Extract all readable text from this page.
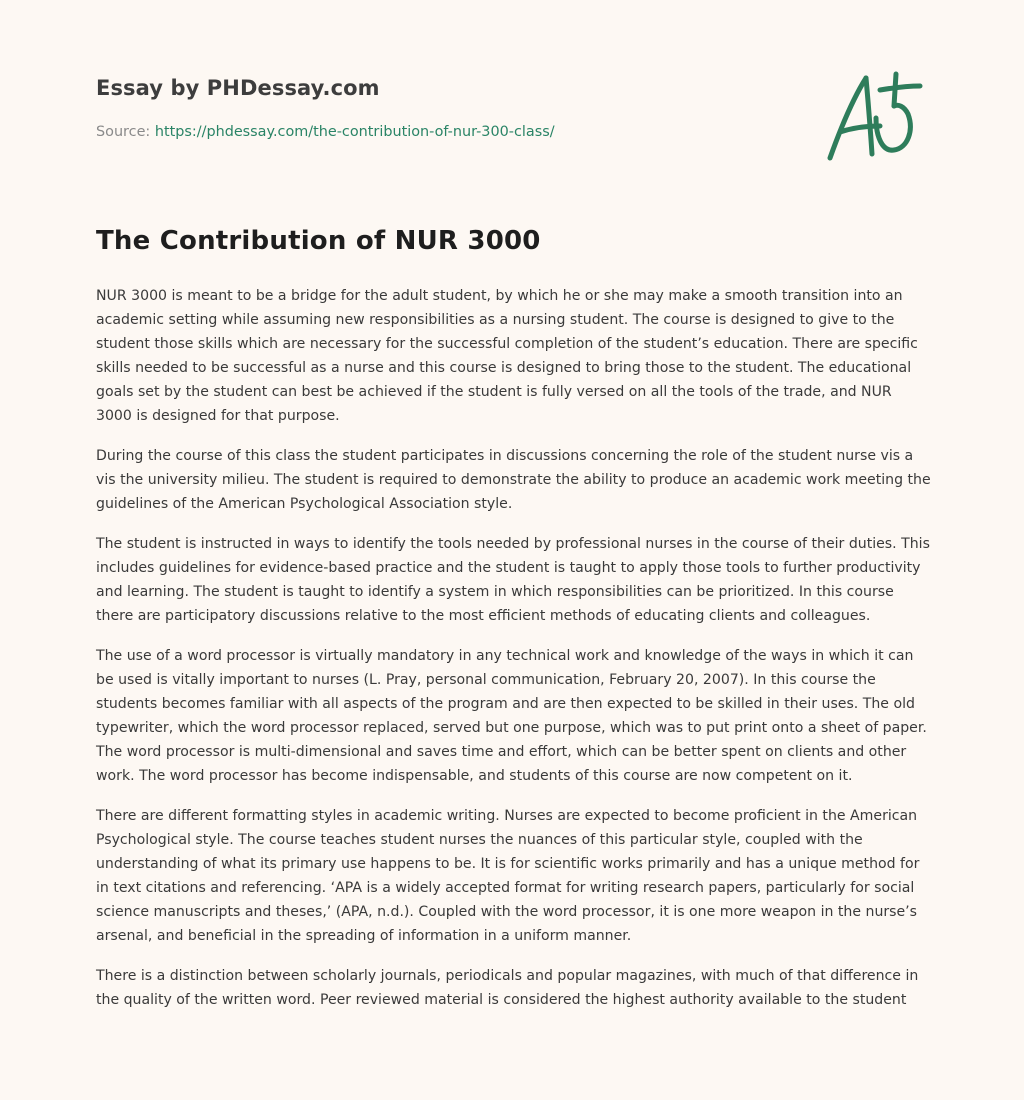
Essay by PHDessay.com
Source: https://phdessay.com/the-contribution-of-nur-300-class/
The Contribution of NUR 3000

NUR 3000 is meant to be a bridge for the adult student, by which he or she may make a smooth transition into an academic setting while assuming new responsibilities as a nursing student. The course is designed to give to the student those skills which are necessary for the successful completion of the student’s education. There are specific skills needed to be successful as a nurse and this course is designed to bring those to the student. The educational goals set by the student can best be achieved if the student is fully versed on all the tools of the trade, and NUR 3000 is designed for that purpose.

During the course of this class the student participates in discussions concerning the role of the student nurse vis a vis the university milieu. The student is required to demonstrate the ability to produce an academic work meeting the guidelines of the American Psychological Association style.

The student is instructed in ways to identify the tools needed by professional nurses in the course of their duties. This includes guidelines for evidence-based practice and the student is taught to apply those tools to further productivity and learning. The student is taught to identify a system in which responsibilities can be prioritized. In this course there are participatory discussions relative to the most efficient methods of educating clients and colleagues.

The use of a word processor is virtually mandatory in any technical work and knowledge of the ways in which it can be used is vitally important to nurses (L. Pray, personal communication, February 20, 2007). In this course the students becomes familiar with all aspects of the program and are then expected to be skilled in their uses. The old typewriter, which the word processor replaced, served but one purpose, which was to put print onto a sheet of paper. The word processor is multi-dimensional and saves time and effort, which can be better spent on clients and other work. The word processor has become indispensable, and students of this course are now competent on it.

There are different formatting styles in academic writing. Nurses are expected to become proficient in the American Psychological style. The course teaches student nurses the nuances of this particular style, coupled with the understanding of what its primary use happens to be. It is for scientific works primarily and has a unique method for in text citations and referencing. ‘APA is a widely accepted format for writing research papers, particularly for social science manuscripts and theses,’ (APA, n.d.). Coupled with the word processor, it is one more weapon in the nurse’s arsenal, and beneficial in the spreading of information in a uniform manner.

There is a distinction between scholarly journals, periodicals and popular magazines, with much of that difference in the quality of the written word. Peer reviewed material is considered the highest authority available to the student
